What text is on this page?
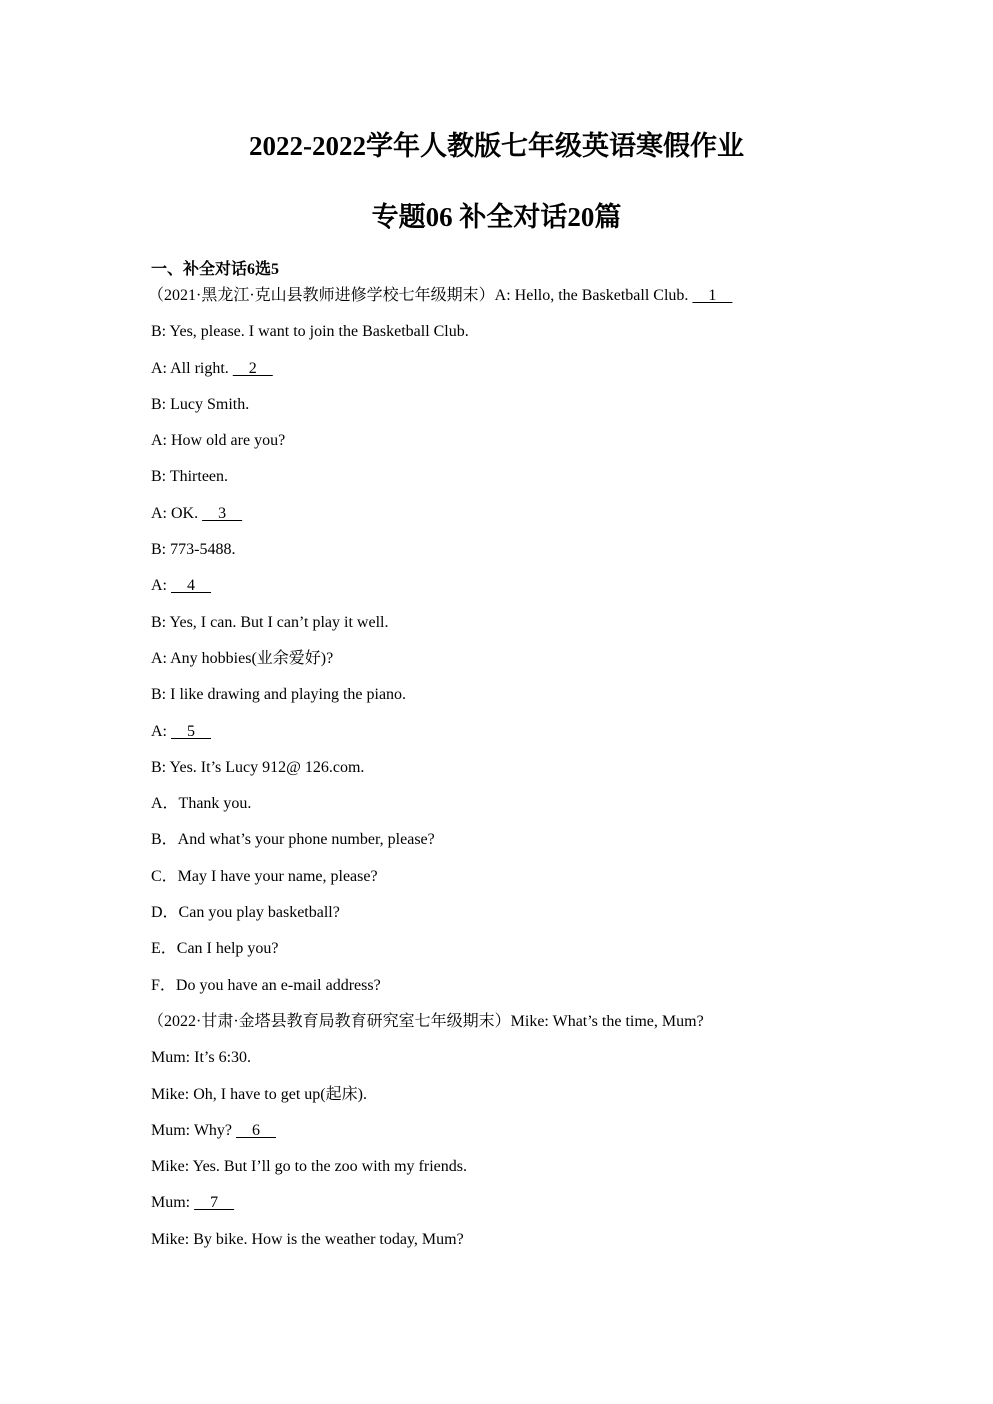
2022-2022学年人教版七年级英语寒假作业
专题06 补全对话20篇
一、补全对话6选5
（2021·黑龙江·克山县教师进修学校七年级期末）A: Hello, the Basketball Club.     1
B: Yes, please. I want to join the Basketball Club.
A: All right.     2
B: Lucy Smith.
A: How old are you?
B: Thirteen.
A: OK.     3
B: 773-5488.
A:     4
B: Yes, I can. But I can’t play it well.
A: Any hobbies(业余爱好)?
B: I like drawing and playing the piano.
A:     5
B: Yes. It’s Lucy 912@ 126.com.
A．Thank you.
B．And what’s your phone number, please?
C．May I have your name, please?
D．Can you play basketball?
E．Can I help you?
F．Do you have an e-mail address?
（2022·甘肃·金塔县教育局教育研究室七年级期末）Mike: What’s the time, Mum?
Mum: It’s 6:30.
Mike: Oh, I have to get up(起床).
Mum: Why?     6
Mike: Yes. But I’ll go to the zoo with my friends.
Mum:     7
Mike: By bike. How is the weather today, Mum?
